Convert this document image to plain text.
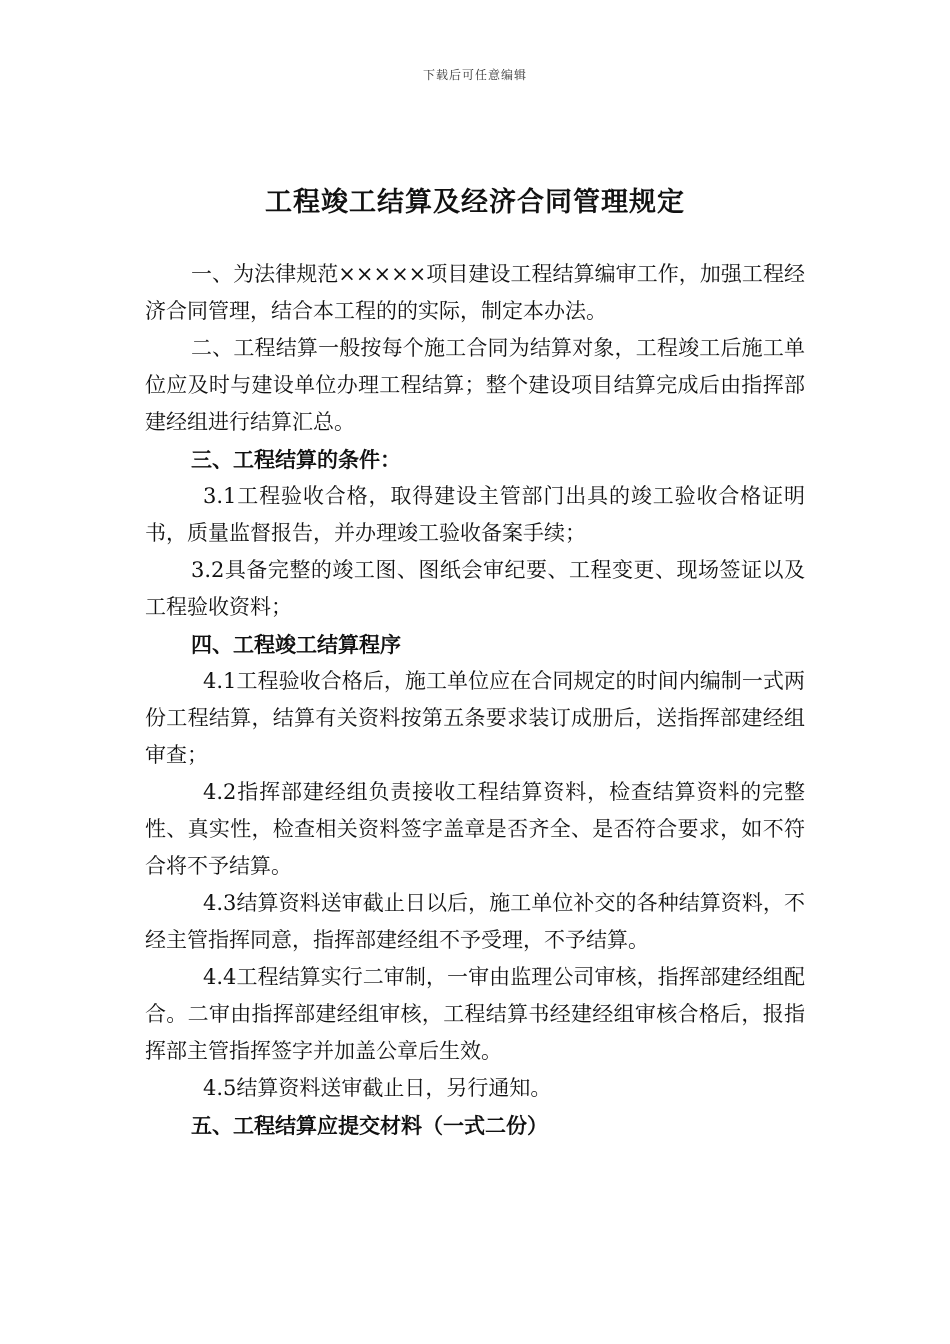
下载后可任意编辑
工程竣工结算及经济合同管理规定

一、为法律规范×××××项目建设工程结算编审工作，加强工程经济合同管理，结合本工程的的实际，制定本办法。

二、工程结算一般按每个施工合同为结算对象，工程竣工后施工单位应及时与建设单位办理工程结算；整个建设项目结算完成后由指挥部建经组进行结算汇总。

三、工程结算的条件：

3.1工程验收合格，取得建设主管部门出具的竣工验收合格证明书，质量监督报告，并办理竣工验收备案手续；

3.2具备完整的竣工图、图纸会审纪要、工程变更、现场签证以及工程验收资料；

四、工程竣工结算程序

4.1工程验收合格后，施工单位应在合同规定的时间内编制一式两份工程结算，结算有关资料按第五条要求装订成册后，送指挥部建经组审查；

4.2指挥部建经组负责接收工程结算资料，检查结算资料的完整性、真实性，检查相关资料签字盖章是否齐全、是否符合要求，如不符合将不予结算。

4.3结算资料送审截止日以后，施工单位补交的各种结算资料，不经主管指挥同意，指挥部建经组不予受理，不予结算。

4.4工程结算实行二审制，一审由监理公司审核，指挥部建经组配合。二审由指挥部建经组审核，工程结算书经建经组审核合格后，报指挥部主管指挥签字并加盖公章后生效。

4.5结算资料送审截止日，另行通知。

五、工程结算应提交材料（一式二份）
